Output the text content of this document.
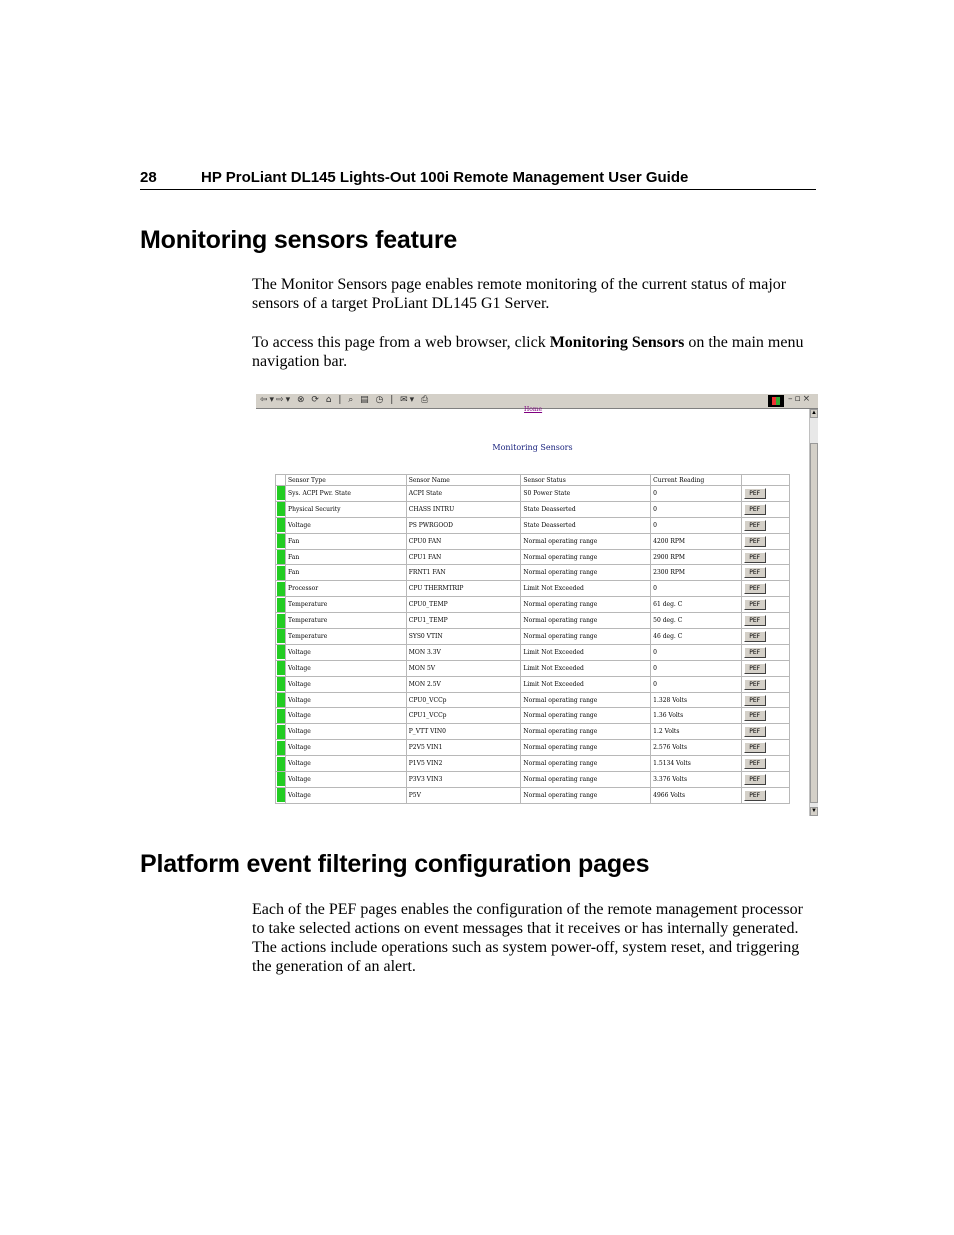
28	HP ProLiant DL145 Lights-Out 100i Remote Management User Guide
Monitoring sensors feature

The Monitor Sensors page enables remote monitoring of the current status of major sensors of a target ProLiant DL145 G1 Server.

To access this page from a web browser, click Monitoring Sensors on the main menu navigation bar.

⇦▾⇨▾ ⊗ ⟳ ⌂ | ⌕ ▤ ◷ | ✉▾ ⎙	–▫×
▲
▼
Home
Monitoring Sensors
	Sensor Type	Sensor Name	Sensor Status	Current Reading	

	Sys. ACPI Pwr. State	ACPI State	S0 Power State	0	PEF

	Physical Security	CHASS INTRU	State Deasserted	0	PEF

	Voltage	PS PWRGOOD	State Deasserted	0	PEF

	Fan	CPU0 FAN	Normal operating range	4200 RPM	PEF

	Fan	CPU1 FAN	Normal operating range	2900 RPM	PEF

	Fan	FRNT1 FAN	Normal operating range	2300 RPM	PEF

	Processor	CPU THERMTRIP	Limit Not Exceeded	0	PEF

	Temperature	CPU0_TEMP	Normal operating range	61 deg. C	PEF

	Temperature	CPU1_TEMP	Normal operating range	50 deg. C	PEF

	Temperature	SYS0 VTIN	Normal operating range	46 deg. C	PEF

	Voltage	MON 3.3V	Limit Not Exceeded	0	PEF

	Voltage	MON 5V	Limit Not Exceeded	0	PEF

	Voltage	MON 2.5V	Limit Not Exceeded	0	PEF

	Voltage	CPU0_VCCp	Normal operating range	1.328 Volts	PEF

	Voltage	CPU1_VCCp	Normal operating range	1.36 Volts	PEF

	Voltage	P_VTT VIN0	Normal operating range	1.2 Volts	PEF

	Voltage	P2V5 VIN1	Normal operating range	2.576 Volts	PEF

	Voltage	P1V5 VIN2	Normal operating range	1.5134 Volts	PEF

	Voltage	P3V3 VIN3	Normal operating range	3.376 Volts	PEF

	Voltage	P5V	Normal operating range	4966 Volts	PEF
Platform event filtering configuration pages

Each of the PEF pages enables the configuration of the remote management processor to take selected actions on event messages that it receives or has internally generated. The actions include operations such as system power-off, system reset, and triggering the generation of an alert.
